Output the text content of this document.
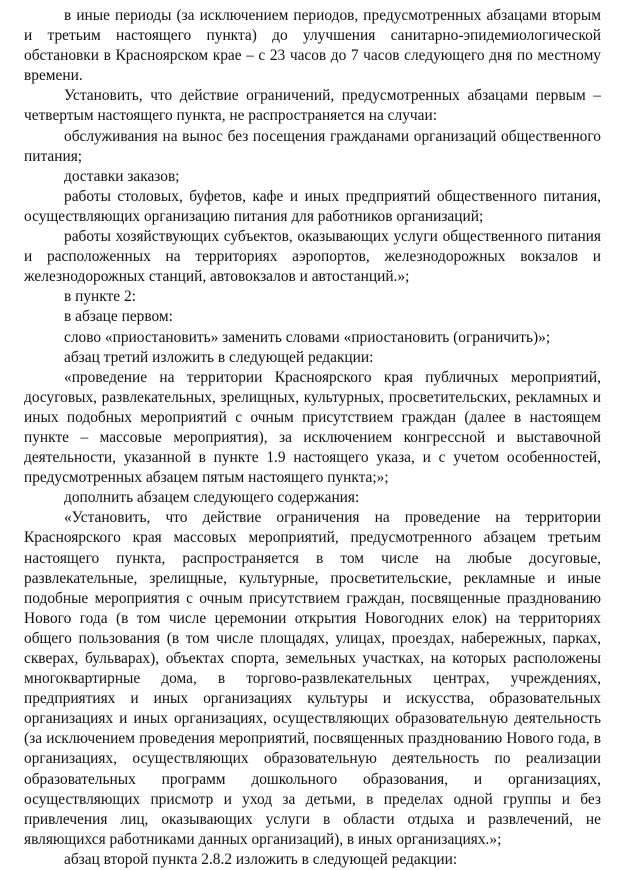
в иные периоды (за исключением периодов, предусмотренных абзацами вторым и третьим настоящего пункта) до улучшения санитарно-эпидемиологической обстановки в Красноярском крае – с 23 часов до 7 часов следующего дня по местному времени.

Установить, что действие ограничений, предусмотренных абзацами первым – четвертым настоящего пункта, не распространяется на случаи:

обслуживания на вынос без посещения гражданами организаций общественного питания;

доставки заказов;

работы столовых, буфетов, кафе и иных предприятий общественного питания, осуществляющих организацию питания для работников организаций;

работы хозяйствующих субъектов, оказывающих услуги общественного питания и расположенных на территориях аэропортов, железнодорожных вокзалов и железнодорожных станций, автовокзалов и автостанций.»;

в пункте 2:

в абзаце первом:

слово «приостановить» заменить словами «приостановить (ограничить)»;

абзац третий изложить в следующей редакции:

«проведение на территории Красноярского края публичных мероприятий, досуговых, развлекательных, зрелищных, культурных, просветительских, рекламных и иных подобных мероприятий с очным присутствием граждан (далее в настоящем пункте – массовые мероприятия), за исключением конгрессной и выставочной деятельности, указанной в пункте 1.9 настоящего указа, и с учетом особенностей, предусмотренных абзацем пятым настоящего пункта;»;

дополнить абзацем следующего содержания:

«Установить, что действие ограничения на проведение на территории Красноярского края массовых мероприятий, предусмотренного абзацем третьим настоящего пункта, распространяется в том числе на любые досуговые, развлекательные, зрелищные, культурные, просветительские, рекламные и иные подобные мероприятия с очным присутствием граждан, посвященные празднованию Нового года (в том числе церемонии открытия Новогодних елок) на территориях общего пользования (в том числе площадях, улицах, проездах, набережных, парках, скверах, бульварах), объектах спорта, земельных участках, на которых расположены многоквартирные дома, в торгово-развлекательных центрах, учреждениях, предприятиях и иных организациях культуры и искусства, образовательных организациях и иных организациях, осуществляющих образовательную деятельность (за исключением проведения мероприятий, посвященных празднованию Нового года, в организациях, осуществляющих образовательную деятельность по реализации образовательных программ дошкольного образования, и организациях, осуществляющих присмотр и уход за детьми, в пределах одной группы и без привлечения лиц, оказывающих услуги в области отдыха и развлечений, не являющихся работниками данных организаций), в иных организациях.»;

абзац второй пункта 2.8.2 изложить в следующей редакции:
